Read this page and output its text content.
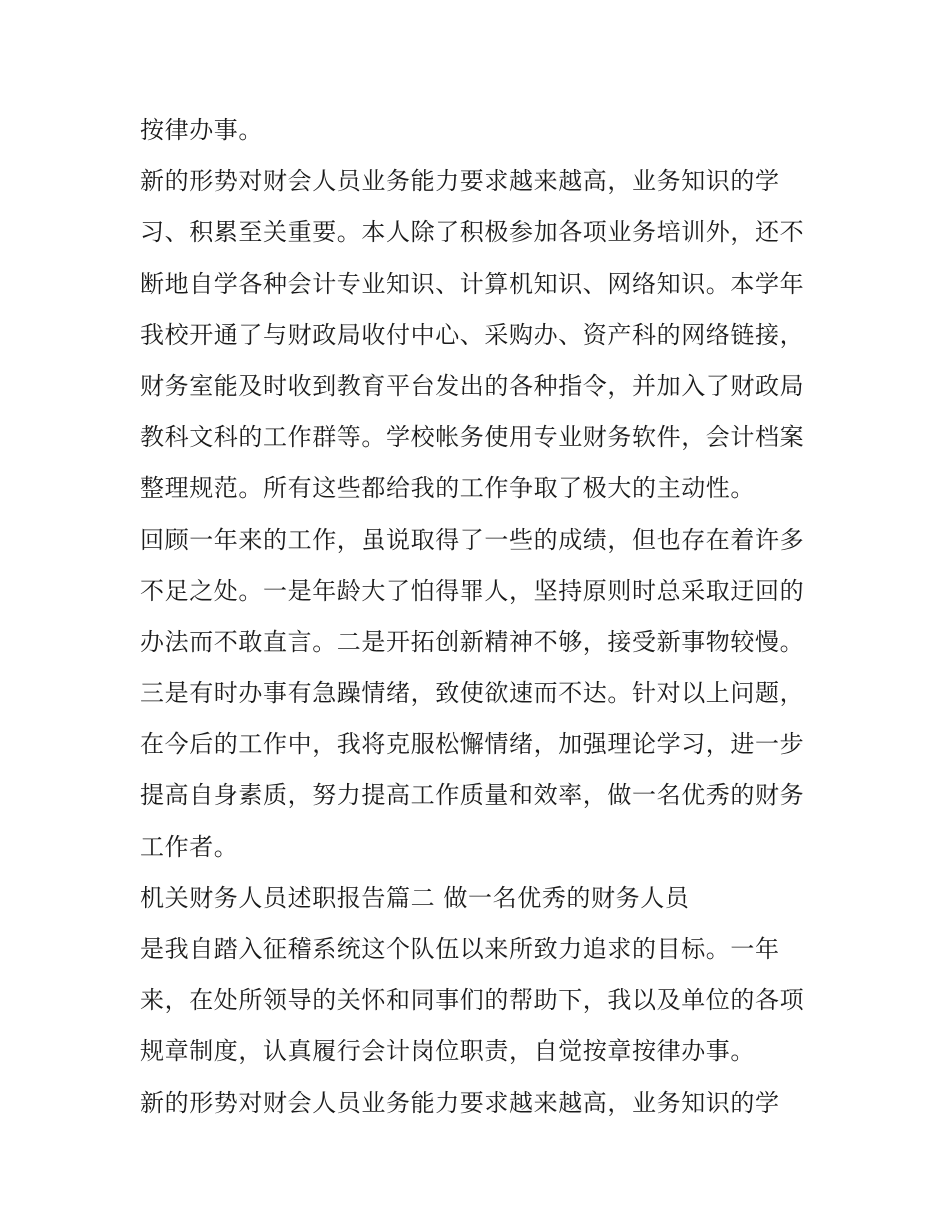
按律办事。
新的形势对财会人员业务能力要求越来越高，业务知识的学
习、积累至关重要。本人除了积极参加各项业务培训外，还不
断地自学各种会计专业知识、计算机知识、网络知识。本学年
我校开通了与财政局收付中心、采购办、资产科的网络链接，
财务室能及时收到教育平台发出的各种指令，并加入了财政局
教科文科的工作群等。学校帐务使用专业财务软件，会计档案
整理规范。所有这些都给我的工作争取了极大的主动性。
回顾一年来的工作，虽说取得了一些的成绩，但也存在着许多
不足之处。一是年龄大了怕得罪人，坚持原则时总采取迂回的
办法而不敢直言。二是开拓创新精神不够，接受新事物较慢。
三是有时办事有急躁情绪，致使欲速而不达。针对以上问题，
在今后的工作中，我将克服松懈情绪，加强理论学习，进一步
提高自身素质，努力提高工作质量和效率，做一名优秀的财务
工作者。
机关财务人员述职报告篇二 做一名优秀的财务人员
是我自踏入征稽系统这个队伍以来所致力追求的目标。一年
来，在处所领导的关怀和同事们的帮助下，我以及单位的各项
规章制度，认真履行会计岗位职责，自觉按章按律办事。
新的形势对财会人员业务能力要求越来越高，业务知识的学
